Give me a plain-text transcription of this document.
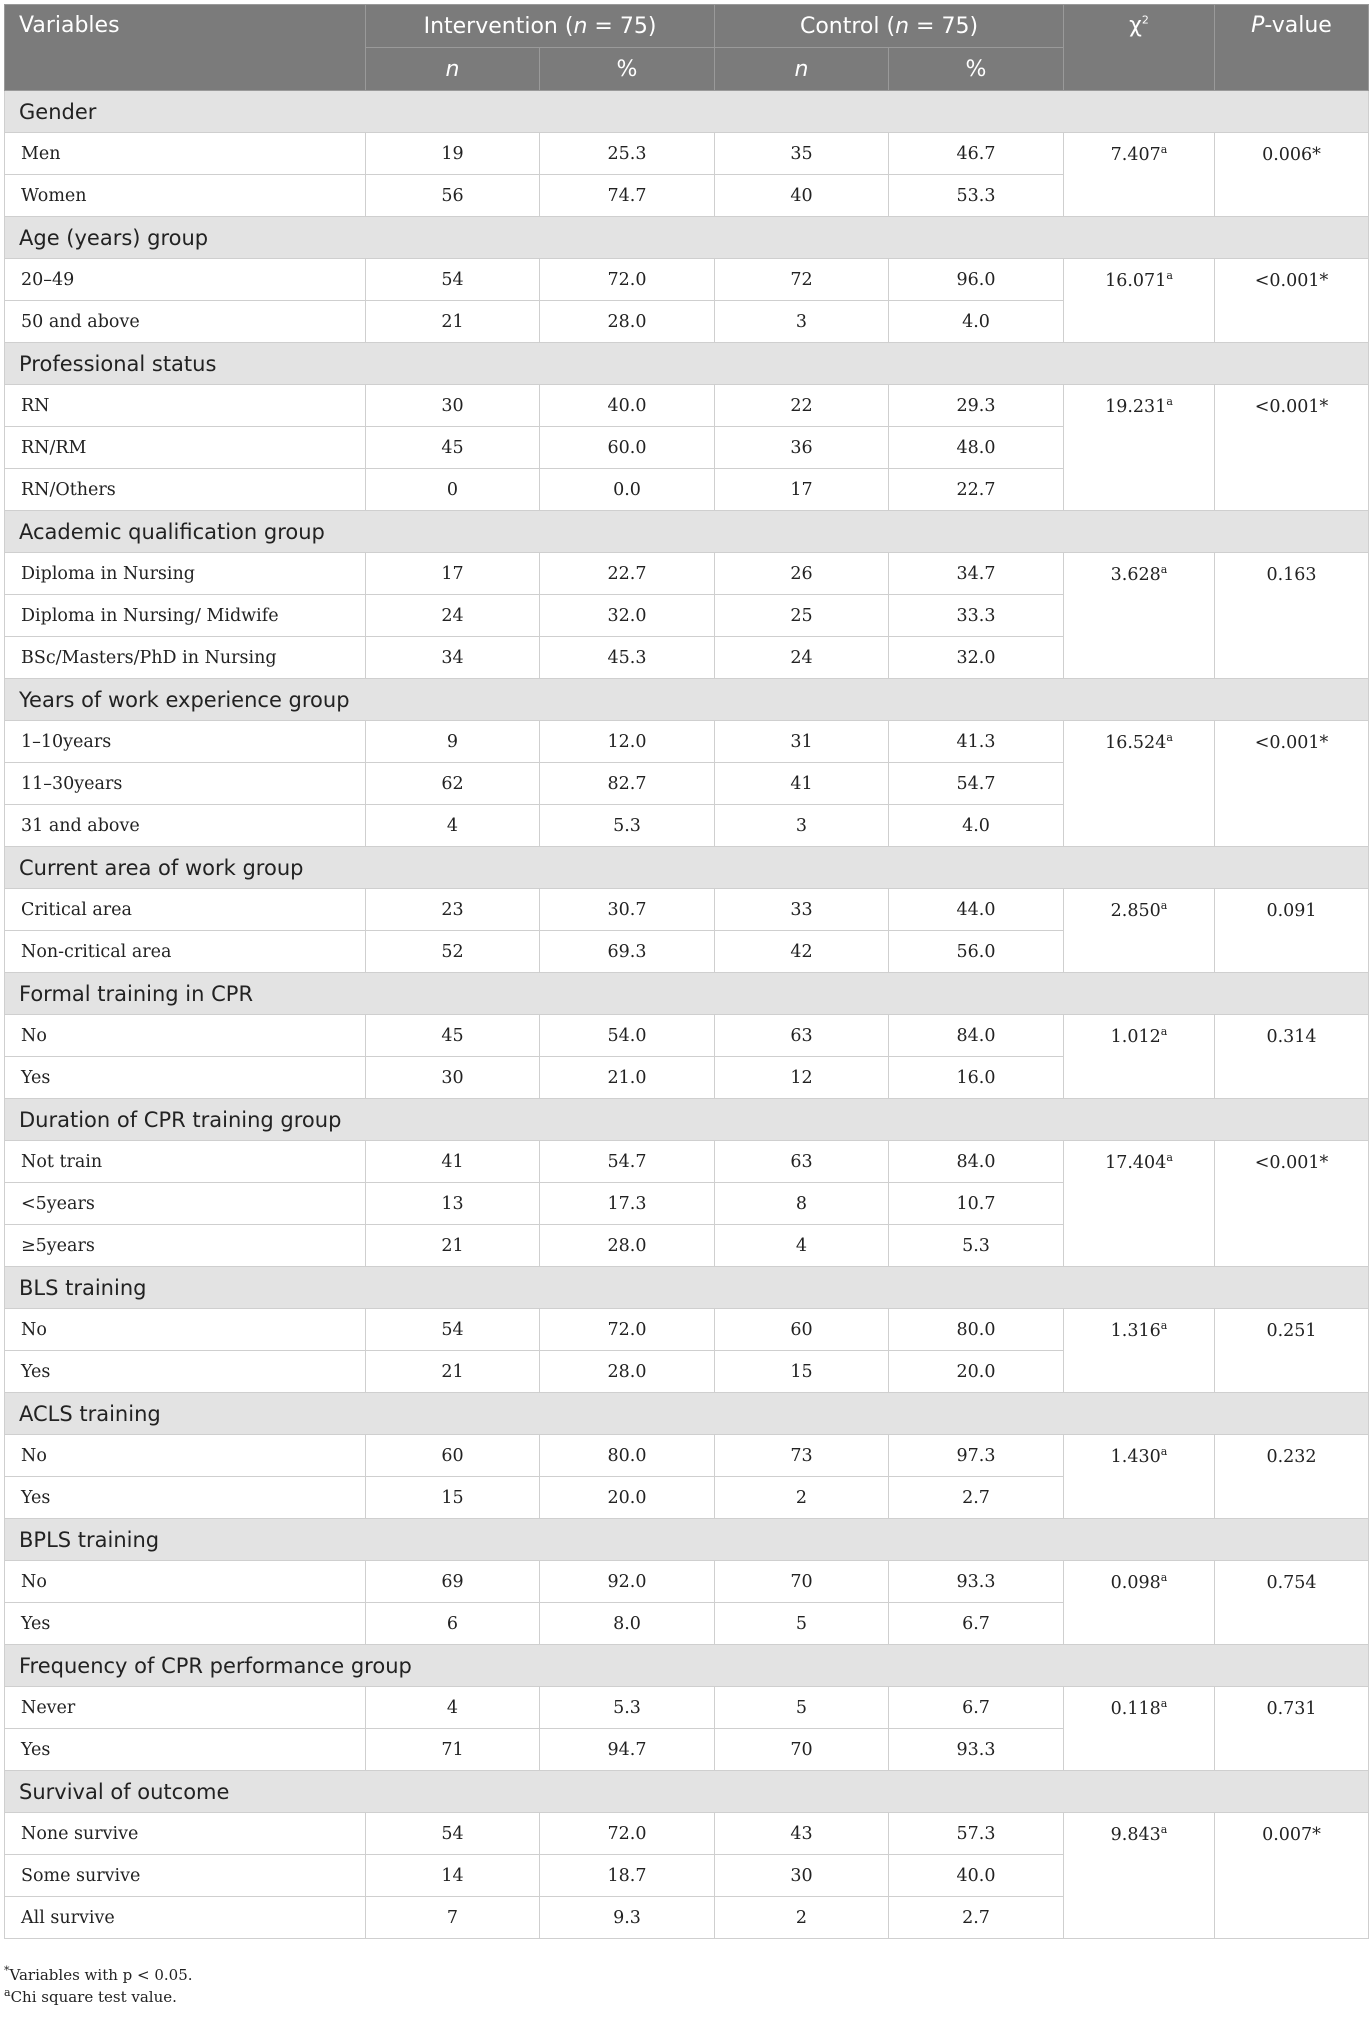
Variables	Intervention (n = 75)		Control (n = 75)		$\chi^2$	P-value
	n	%	n	%		
Gender						
Men	19	25.3	35	46.7	7.407$^a$	0.006*
Women	56	74.7	40	53.3		
Age (years) group						
20–49	54	72.0	72	96.0	16.071$^a$	<0.001*
50 and above	21	28.0	3	4.0		
Professional status						
RN	30	40.0	22	29.3	19.231$^a$	<0.001*
RN/RM	45	60.0	36	48.0		
RN/Others	0	0.0	17	22.7		
Academic qualification group						
Diploma in Nursing	17	22.7	26	34.7	3.628$^a$	0.163
Diploma in Nursing/ Midwife	24	32.0	25	33.3		
BSc/Masters/PhD in Nursing	34	45.3	24	32.0		
Years of work experience group						
1–10years	9	12.0	31	41.3	16.524$^a$	<0.001*
11–30years	62	82.7	41	54.7		
31 and above	4	5.3	3	4.0		
Current area of work group						
Critical area	23	30.7	33	44.0	2.850$^a$	0.091
Non-critical area	52	69.3	42	56.0		
Formal training in CPR						
No	45	54.0	63	84.0	1.012$^a$	0.314
Yes	30	21.0	12	16.0		
Duration of CPR training group						
Not train	41	54.7	63	84.0	17.404$^a$	<0.001*
<5years	13	17.3	8	10.7		
≥5years	21	28.0	4	5.3		
BLS training						
No	54	72.0	60	80.0	1.316$^a$	0.251
Yes	21	28.0	15	20.0		
ACLS training						
No	60	80.0	73	97.3	1.430$^a$	0.232
Yes	15	20.0	2	2.7		
BPLS training						
No	69	92.0	70	93.3	0.098$^a$	0.754
Yes	6	8.0	5	6.7		
Frequency of CPR performance group						
Never	4	5.3	5	6.7	0.118$^a$	0.731
Yes	71	94.7	70	93.3		
Survival of outcome						
None survive	54	72.0	43	57.3	9.843$^a$	0.007*
Some survive	14	18.7	30	40.0		
All survive	7	9.3	2	2.7		
*Variables with p < 0.05.
$^a$Chi square test value.
